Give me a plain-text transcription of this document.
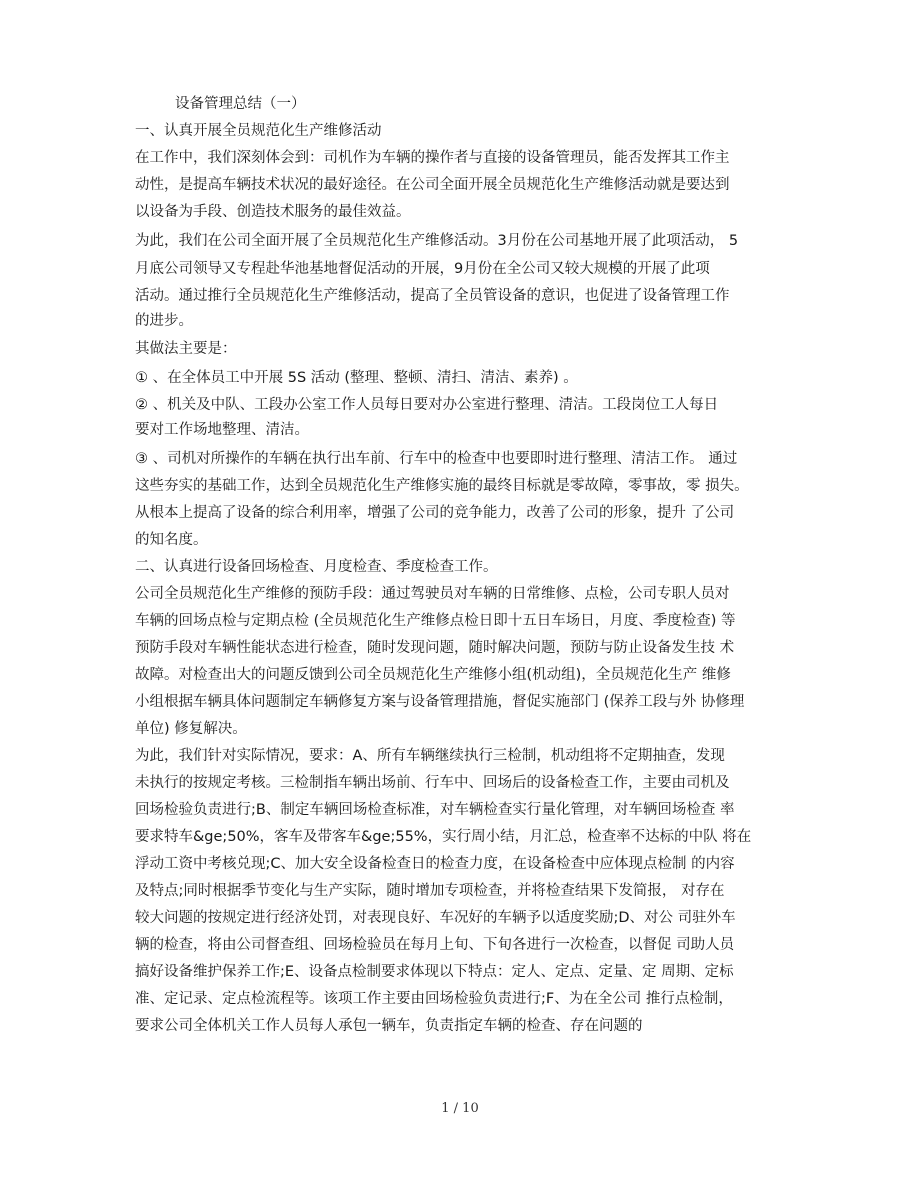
设备管理总结（一）
一、认真开展全员规范化生产维修活动
在工作中，我们深刻体会到：司机作为车辆的操作者与直接的设备管理员，能否发挥其工作主
动性，是提高车辆技术状况的最好途径。在公司全面开展全员规范化生产维修活动就是要达到
以设备为手段、创造技术服务的最佳效益。
为此，我们在公司全面开展了全员规范化生产维修活动。3月份在公司基地开展了此项活动， 5
月底公司领导又专程赴华池基地督促活动的开展，9月份在全公司又较大规模的开展了此项
活动。通过推行全员规范化生产维修活动，提高了全员管设备的意识，也促进了设备管理工作
的进步。
其做法主要是：
① 、在全体员工中开展 5S 活动 (整理、整顿、清扫、清洁、素养) 。
② 、机关及中队、工段办公室工作人员每日要对办公室进行整理、清洁。工段岗位工人每日
要对工作场地整理、清洁。
③ 、司机对所操作的车辆在执行出车前、行车中的检查中也要即时进行整理、清洁工作。 通过
这些夯实的基础工作，达到全员规范化生产维修实施的最终目标就是零故障，零事故，零 损失。
从根本上提高了设备的综合利用率，增强了公司的竞争能力，改善了公司的形象，提升 了公司
的知名度。
二、认真进行设备回场检查、月度检查、季度检查工作。
公司全员规范化生产维修的预防手段：通过驾驶员对车辆的日常维修、点检，公司专职人员对
车辆的回场点检与定期点检 (全员规范化生产维修点检日即十五日车场日，月度、季度检查) 等
预防手段对车辆性能状态进行检查，随时发现问题，随时解决问题，预防与防止设备发生技 术
故障。对检查出大的问题反馈到公司全员规范化生产维修小组(机动组)，全员规范化生产 维修
小组根据车辆具体问题制定车辆修复方案与设备管理措施，督促实施部门 (保养工段与外 协修理
单位) 修复解决。
为此，我们针对实际情况，要求：A、所有车辆继续执行三检制，机动组将不定期抽查，发现
未执行的按规定考核。三检制指车辆出场前、行车中、回场后的设备检查工作，主要由司机及
回场检验负责进行;B、制定车辆回场检查标准，对车辆检查实行量化管理，对车辆回场检查 率
要求特车&ge;50%，客车及带客车&ge;55%，实行周小结，月汇总，检查率不达标的中队 将在
浮动工资中考核兑现;C、加大安全设备检查日的检查力度，在设备检查中应体现点检制 的内容
及特点;同时根据季节变化与生产实际，随时增加专项检查，并将检查结果下发简报， 对存在
较大问题的按规定进行经济处罚，对表现良好、车况好的车辆予以适度奖励;D、对公 司驻外车
辆的检查，将由公司督查组、回场检验员在每月上旬、下旬各进行一次检查，以督促 司助人员
搞好设备维护保养工作;E、设备点检制要求体现以下特点：定人、定点、定量、定 周期、定标
准、定记录、定点检流程等。该项工作主要由回场检验负责进行;F、为在全公司 推行点检制，
要求公司全体机关工作人员每人承包一辆车，负责指定车辆的检查、存在问题的
1 / 10
